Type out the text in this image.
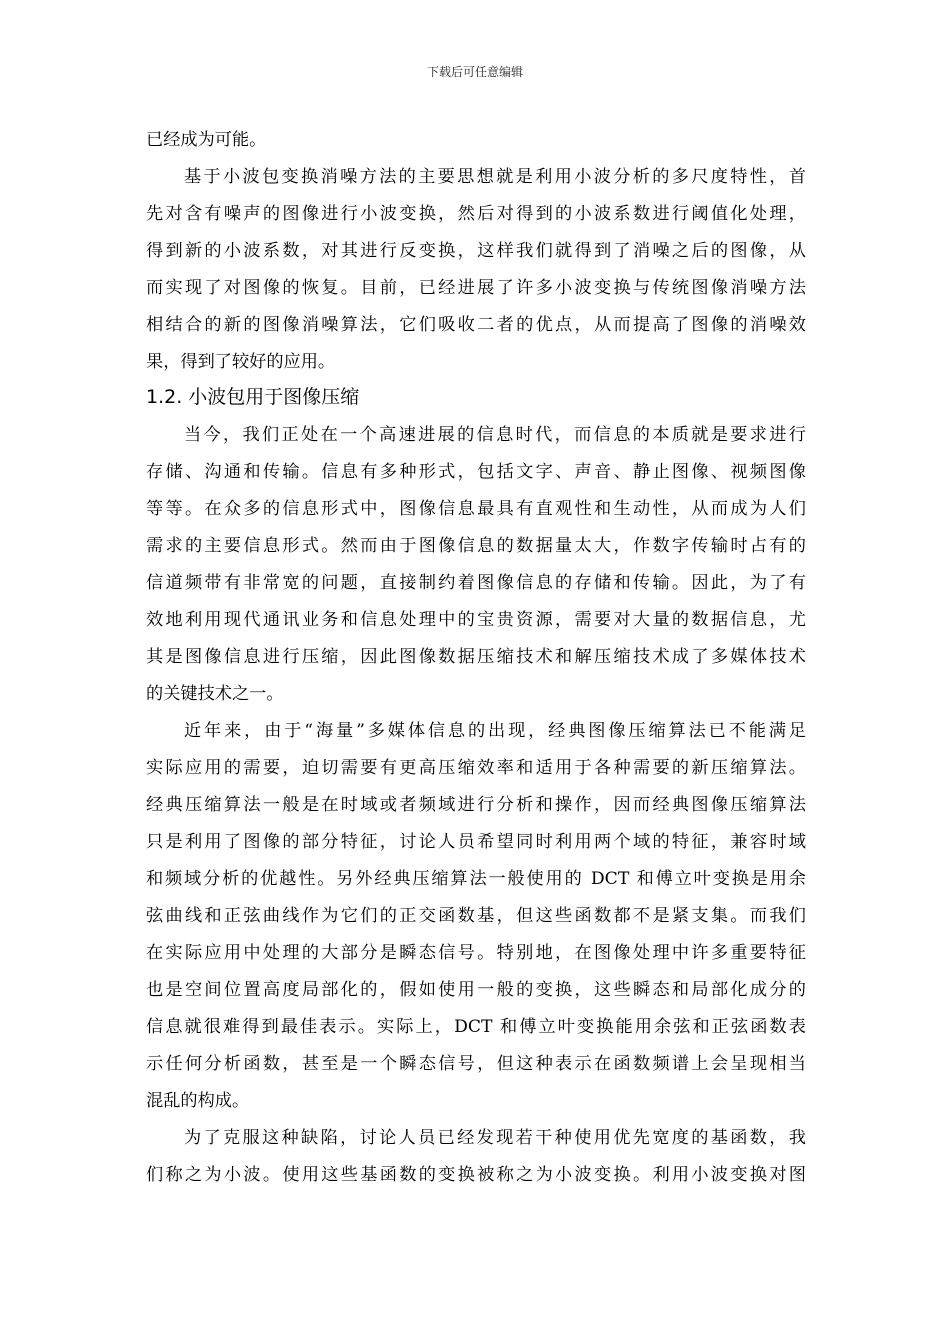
下载后可任意编辑
已经成为可能。
基于小波包变换消噪方法的主要思想就是利用小波分析的多尺度特性，首
先对含有噪声的图像进行小波变换，然后对得到的小波系数进行阈值化处理，
得到新的小波系数，对其进行反变换，这样我们就得到了消噪之后的图像，从
而实现了对图像的恢复。目前，已经进展了许多小波变换与传统图像消噪方法
相结合的新的图像消噪算法，它们吸收二者的优点，从而提高了图像的消噪效
果，得到了较好的应用。
1.2. 小波包用于图像压缩
当今，我们正处在一个高速进展的信息时代，而信息的本质就是要求进行
存储、沟通和传输。信息有多种形式，包括文字、声音、静止图像、视频图像
等等。在众多的信息形式中，图像信息最具有直观性和生动性，从而成为人们
需求的主要信息形式。然而由于图像信息的数据量太大，作数字传输时占有的
信道频带有非常宽的问题，直接制约着图像信息的存储和传输。因此，为了有
效地利用现代通讯业务和信息处理中的宝贵资源，需要对大量的数据信息，尤
其是图像信息进行压缩，因此图像数据压缩技术和解压缩技术成了多媒体技术
的关键技术之一。
近年来，由于“海量”多媒体信息的出现，经典图像压缩算法已不能满足
实际应用的需要，迫切需要有更高压缩效率和适用于各种需要的新压缩算法。
经典压缩算法一般是在时域或者频域进行分析和操作，因而经典图像压缩算法
只是利用了图像的部分特征，讨论人员希望同时利用两个域的特征，兼容时域
和频域分析的优越性。另外经典压缩算法一般使用的 DCT 和傅立叶变换是用余
弦曲线和正弦曲线作为它们的正交函数基，但这些函数都不是紧支集。而我们
在实际应用中处理的大部分是瞬态信号。特别地，在图像处理中许多重要特征
也是空间位置高度局部化的，假如使用一般的变换，这些瞬态和局部化成分的
信息就很难得到最佳表示。实际上，DCT 和傅立叶变换能用余弦和正弦函数表
示任何分析函数，甚至是一个瞬态信号，但这种表示在函数频谱上会呈现相当
混乱的构成。
为了克服这种缺陷，讨论人员已经发现若干种使用优先宽度的基函数，我
们称之为小波。使用这些基函数的变换被称之为小波变换。利用小波变换对图
